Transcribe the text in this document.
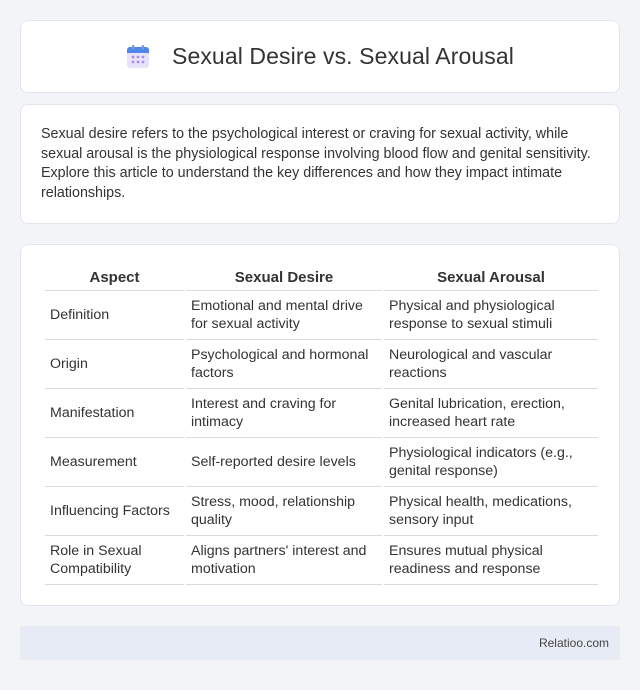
Sexual Desire vs. Sexual Arousal

Sexual desire refers to the psychological interest or craving for sexual activity, while sexual arousal is the physiological response involving blood flow and genital sensitivity. Explore this article to understand the key differences and how they impact intimate relationships.

Aspect	Sexual Desire	Sexual Arousal
Definition	Emotional and mental drive for sexual activity	Physical and physiological response to sexual stimuli
Origin	Psychological and hormonal factors	Neurological and vascular reactions
Manifestation	Interest and craving for intimacy	Genital lubrication, erection, increased heart rate
Measurement	Self-reported desire levels	Physiological indicators (e.g., genital response)
Influencing Factors	Stress, mood, relationship quality	Physical health, medications, sensory input
Role in Sexual Compatibility	Aligns partners' interest and motivation	Ensures mutual physical readiness and response
Relatioo.com
